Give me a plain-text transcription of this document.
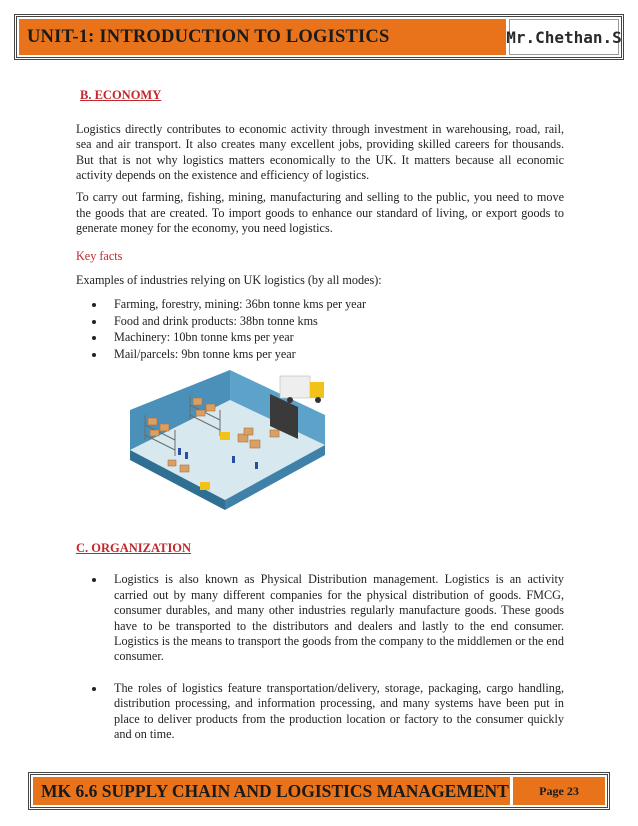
UNIT-1: INTRODUCTION TO LOGISTICS	Mr.Chethan.S
B. ECONOMY

Logistics directly contributes to economic activity through investment in warehousing, road, rail, sea and air transport. It also creates many excellent jobs, providing skilled careers for thousands. But that is not why logistics matters economically to the UK. It matters because all economic activity depends on the existence and efficiency of logistics.

To carry out farming, fishing, mining, manufacturing and selling to the public, you need to move the goods that are created. To import goods to enhance our standard of living, or export goods to generate money for the economy, you need logistics.

Key facts
Examples of industries relying on UK logistics (by all modes):
Farming, forestry, mining: 36bn tonne kms per year
Food and drink products: 38bn tonne kms
Machinery: 10bn tonne kms per year
Mail/parcels: 9bn tonne kms per year
C. ORGANIZATION
Logistics is also known as Physical Distribution management. Logistics is an activity carried out by many different companies for the physical distribution of goods. FMCG, consumer durables, and many other industries regularly manufacture goods. These goods have to be transported to the distributors and dealers and lastly to the end consumer. Logistics is the means to transport the goods from the company to the middlemen or the end consumer.
The roles of logistics feature transportation/delivery, storage, packaging, cargo handling, distribution processing, and information processing, and many systems have been put in place to deliver products from the production location or factory to the consumer quickly and on time.
MK 6.6 SUPPLY CHAIN AND LOGISTICS MANAGEMENT	Page 23
